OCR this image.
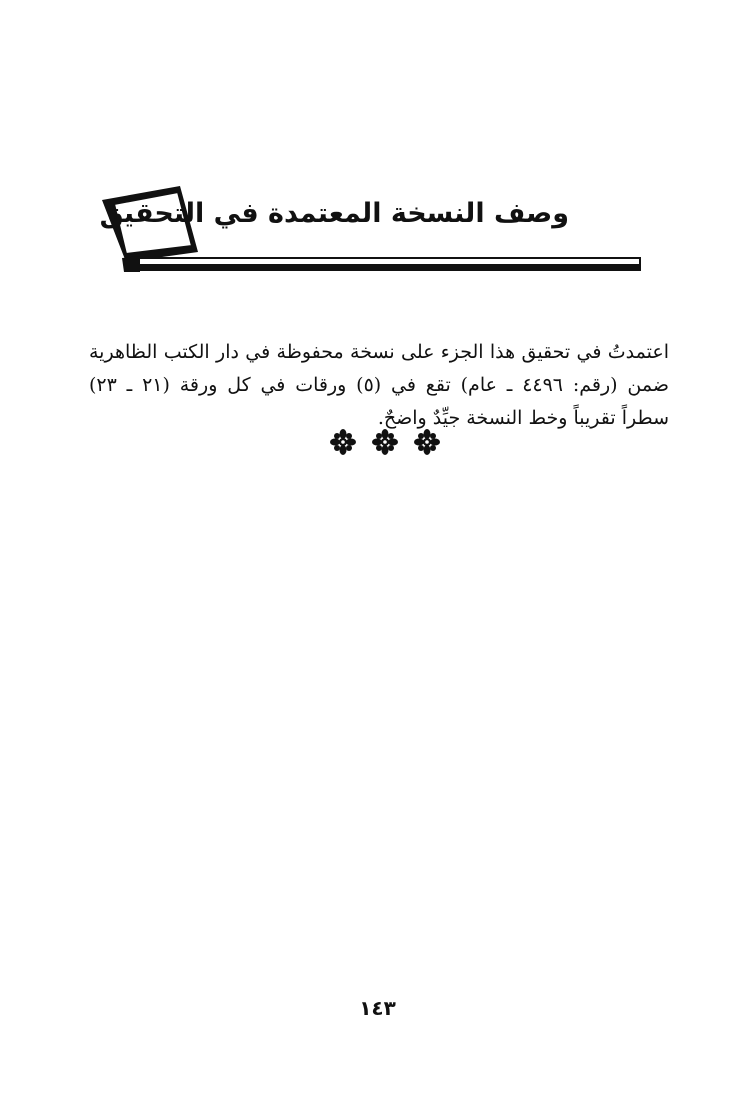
وصف النسخة المعتمدة في التحقيق

اعتمدتُ في تحقيق هذا الجزء على نسخة محفوظة في دار الكتب الظاهرية ضمن (رقم: ٤٤٩٦ ـ عام) تقع في (٥) ورقات في كل ورقة (٢١ ـ ٢٣) سطراً تقريباً وخط النسخة جيِّدٌ واضحٌ.

١٤٣
